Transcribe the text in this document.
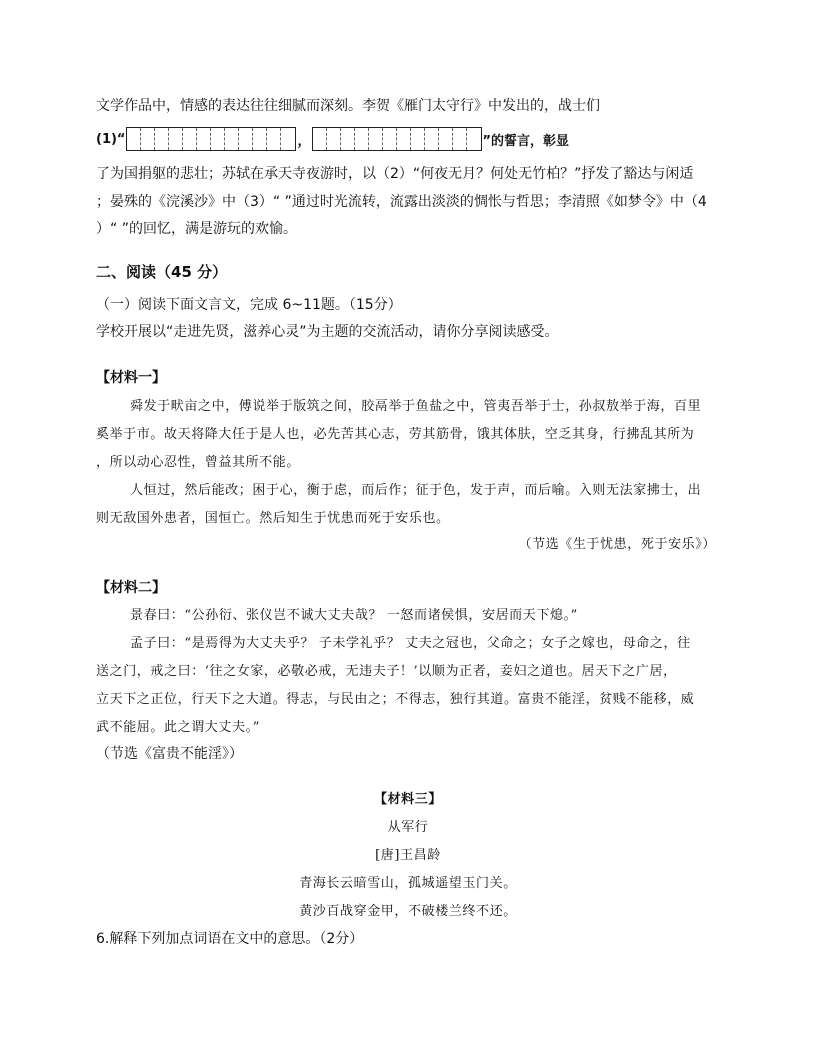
文学作品中，情感的表达往往细腻而深刻。李贺《雁门太守行》中发出的，战士们
(1)“	，	”的誓言，彰显
了为国捐躯的悲壮；苏轼在承天寺夜游时，以（2）“何夜无月？何处无竹柏？”抒发了豁达与闲适
；晏殊的《浣溪沙》中（3）“ ”通过时光流转，流露出淡淡的惆怅与哲思；李清照《如梦令》中（4
）“ ”的回忆，满是游玩的欢愉。
二、阅读（45 分）
（一）阅读下面文言文，完成 6~11题。（15分）
学校开展以“走进先贤，滋养心灵”为主题的交流活动，请你分享阅读感受。
【材料一】
舜发于畎亩之中，傅说举于版筑之间，胶鬲举于鱼盐之中，管夷吾举于士，孙叔敖举于海，百里
奚举于市。故天将降大任于是人也，必先苦其心志，劳其筋骨，饿其体肤，空乏其身，行拂乱其所为
，所以动心忍性，曾益其所不能。
人恒过，然后能改；困于心，衡于虑，而后作；征于色，发于声，而后喻。入则无法家拂士，出
则无敌国外患者，国恒亡。然后知生于忧患而死于安乐也。
（节选《生于忧患，死于安乐》）
【材料二】
景春曰：“公孙衍、张仪岂不诚大丈夫哉？ 一怒而诸侯惧，安居而天下熄。”
孟子曰：“是焉得为大丈夫乎？ 子未学礼乎？ 丈夫之冠也，父命之；女子之嫁也，母命之，往
送之门，戒之曰：‘往之女家，必敬必戒，无违夫子！’以顺为正者，妾妇之道也。居天下之广居，
立天下之正位，行天下之大道。得志，与民由之；不得志，独行其道。富贵不能淫，贫贱不能移，威
武不能屈。此之谓大丈夫。”
（节选《富贵不能淫》）
【材料三】
从军行
[唐]王昌龄
青海长云暗雪山，孤城遥望玉门关。
黄沙百战穿金甲，不破楼兰终不还。
6.解释下列加点词语在文中的意思。（2分）
